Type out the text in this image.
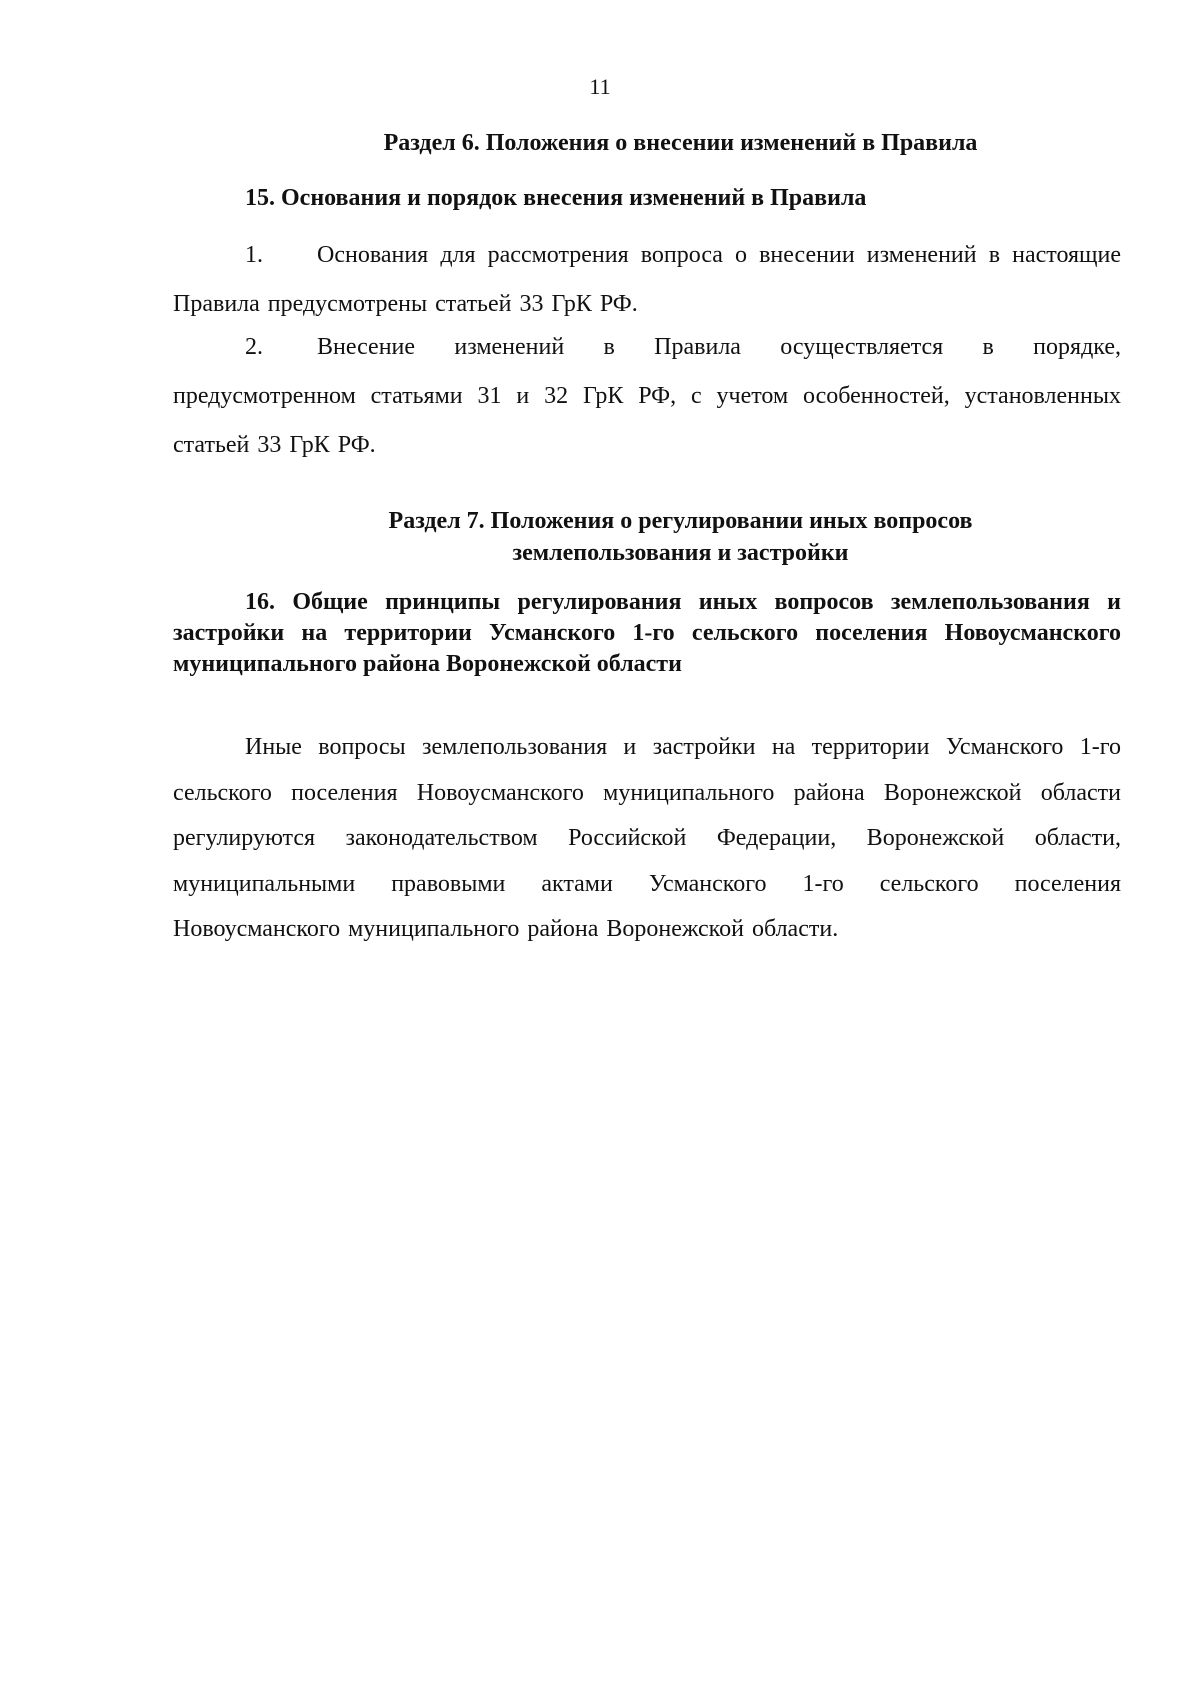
11
Раздел 6. Положения о внесении изменений в Правила
15. Основания и порядок внесения изменений в Правила

1. Основания для рассмотрения вопроса о внесении изменений в настоящие Правила предусмотрены статьей 33 ГрК РФ.

2. Внесение изменений в Правила осуществляется в порядке, предусмотренном статьями 31 и 32 ГрК РФ, с учетом особенностей, установленных статьей 33 ГрК РФ.

Раздел 7. Положения о регулировании иных вопросов
землепользования и застройки
16. Общие принципы регулирования иных вопросов землепользования и застройки на территории Усманского 1-го сельского поселения Новоусманского муниципального района Воронежской области

Иные вопросы землепользования и застройки на территории Усманского 1-го сельского поселения Новоусманского муниципального района Воронежской области регулируются законодательством Российской Федерации, Воронежской области, муниципальными правовыми актами Усманского 1-го сельского поселения Новоусманского муниципального района Воронежской области.
